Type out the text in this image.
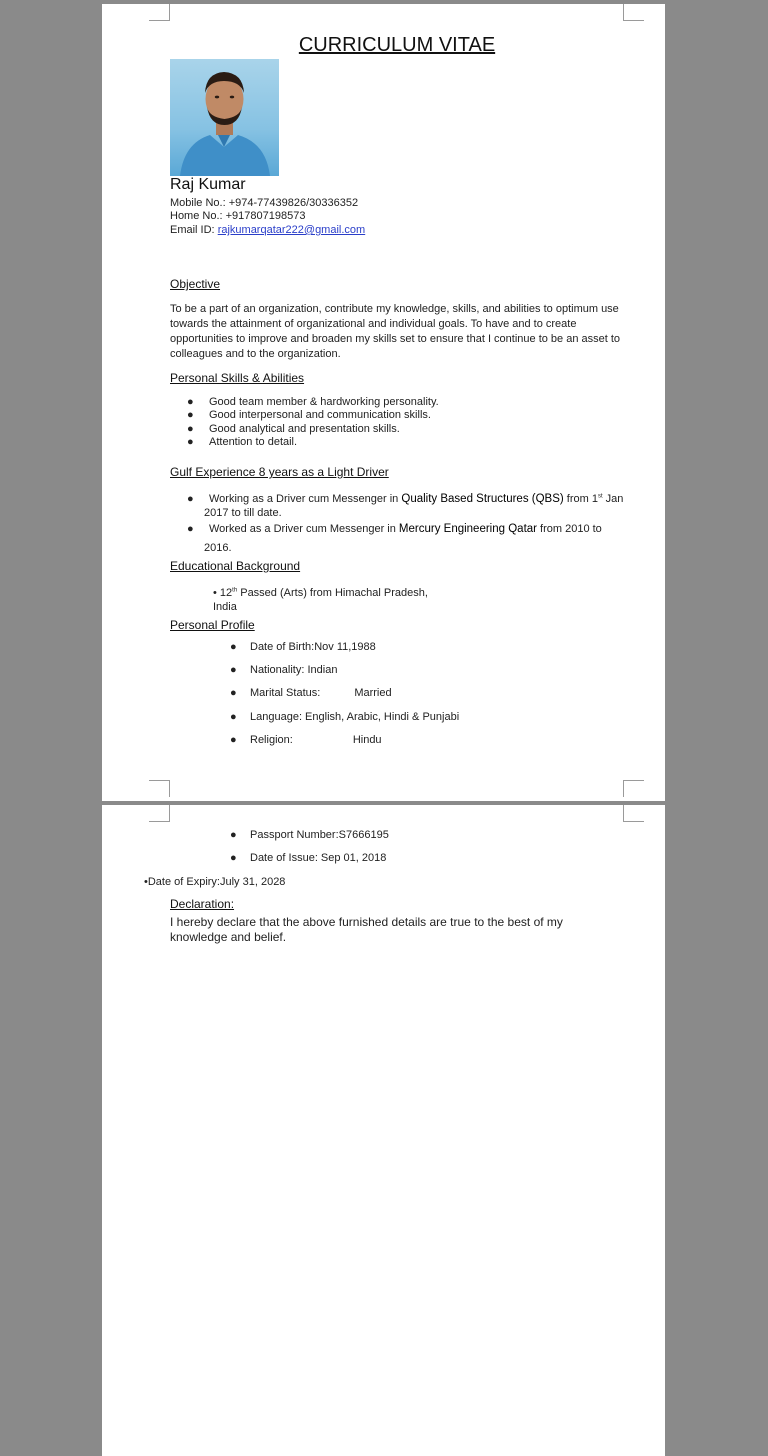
CURRICULUM VITAE
Raj Kumar
Mobile No.: +974-77439826/30336352
Home No.: +917807198573
Email ID: rajkumarqatar222@gmail.com
Objective
To be a part of an organization, contribute my knowledge, skills, and abilities to optimum use towards the attainment of organizational and individual goals. To have and to create opportunities to improve and broaden my skills set to ensure that I continue to be an asset to colleagues and to the organization.
Personal Skills & Abilities
● Good team member & hardworking personality.
● Good interpersonal and communication skills.
● Good analytical and presentation skills.
● Attention to detail.
Gulf Experience 8 years as a Light Driver
● Working as a Driver cum Messenger in Quality Based Structures (QBS) from 1st Jan
2017 to till date.
● Worked as a Driver cum Messenger in Mercury Engineering Qatar from 2010 to
2016.
Educational Background
• 12th Passed (Arts) from Himachal Pradesh,
India
Personal Profile
● Date of Birth:Nov 11,1988
● Nationality: Indian
● Marital Status:	Married
● Language: English, Arabic, Hindi & Punjabi
● Religion:	Hindu
● Passport Number:S7666195
● Date of Issue: Sep 01, 2018
•Date of Expiry:July 31, 2028
Declaration:
I hereby declare that the above furnished details are true to the best of my knowledge and belief.
